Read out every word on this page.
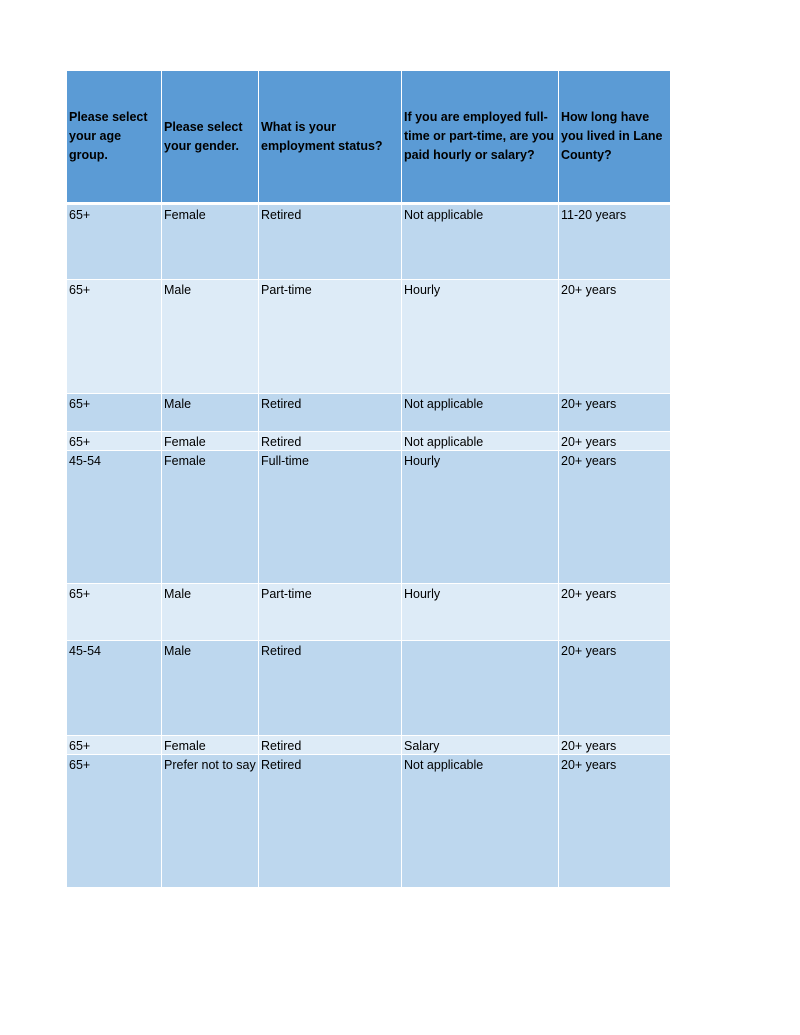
Please select your age group.	Please select your gender.	What is your employment status?	If you are employed full-time or part-time, are you paid hourly or salary?	How long have you lived in Lane County?

65+	Female	Retired	Not applicable	11-20 years

65+	Male	Part-time	Hourly	20+ years

65+	Male	Retired	Not applicable	20+ years

65+	Female	Retired	Not applicable	20+ years

45-54	Female	Full-time	Hourly	20+ years

65+	Male	Part-time	Hourly	20+ years

45-54	Male	Retired		20+ years

65+	Female	Retired	Salary	20+ years

65+	Prefer not to say	Retired	Not applicable	20+ years
